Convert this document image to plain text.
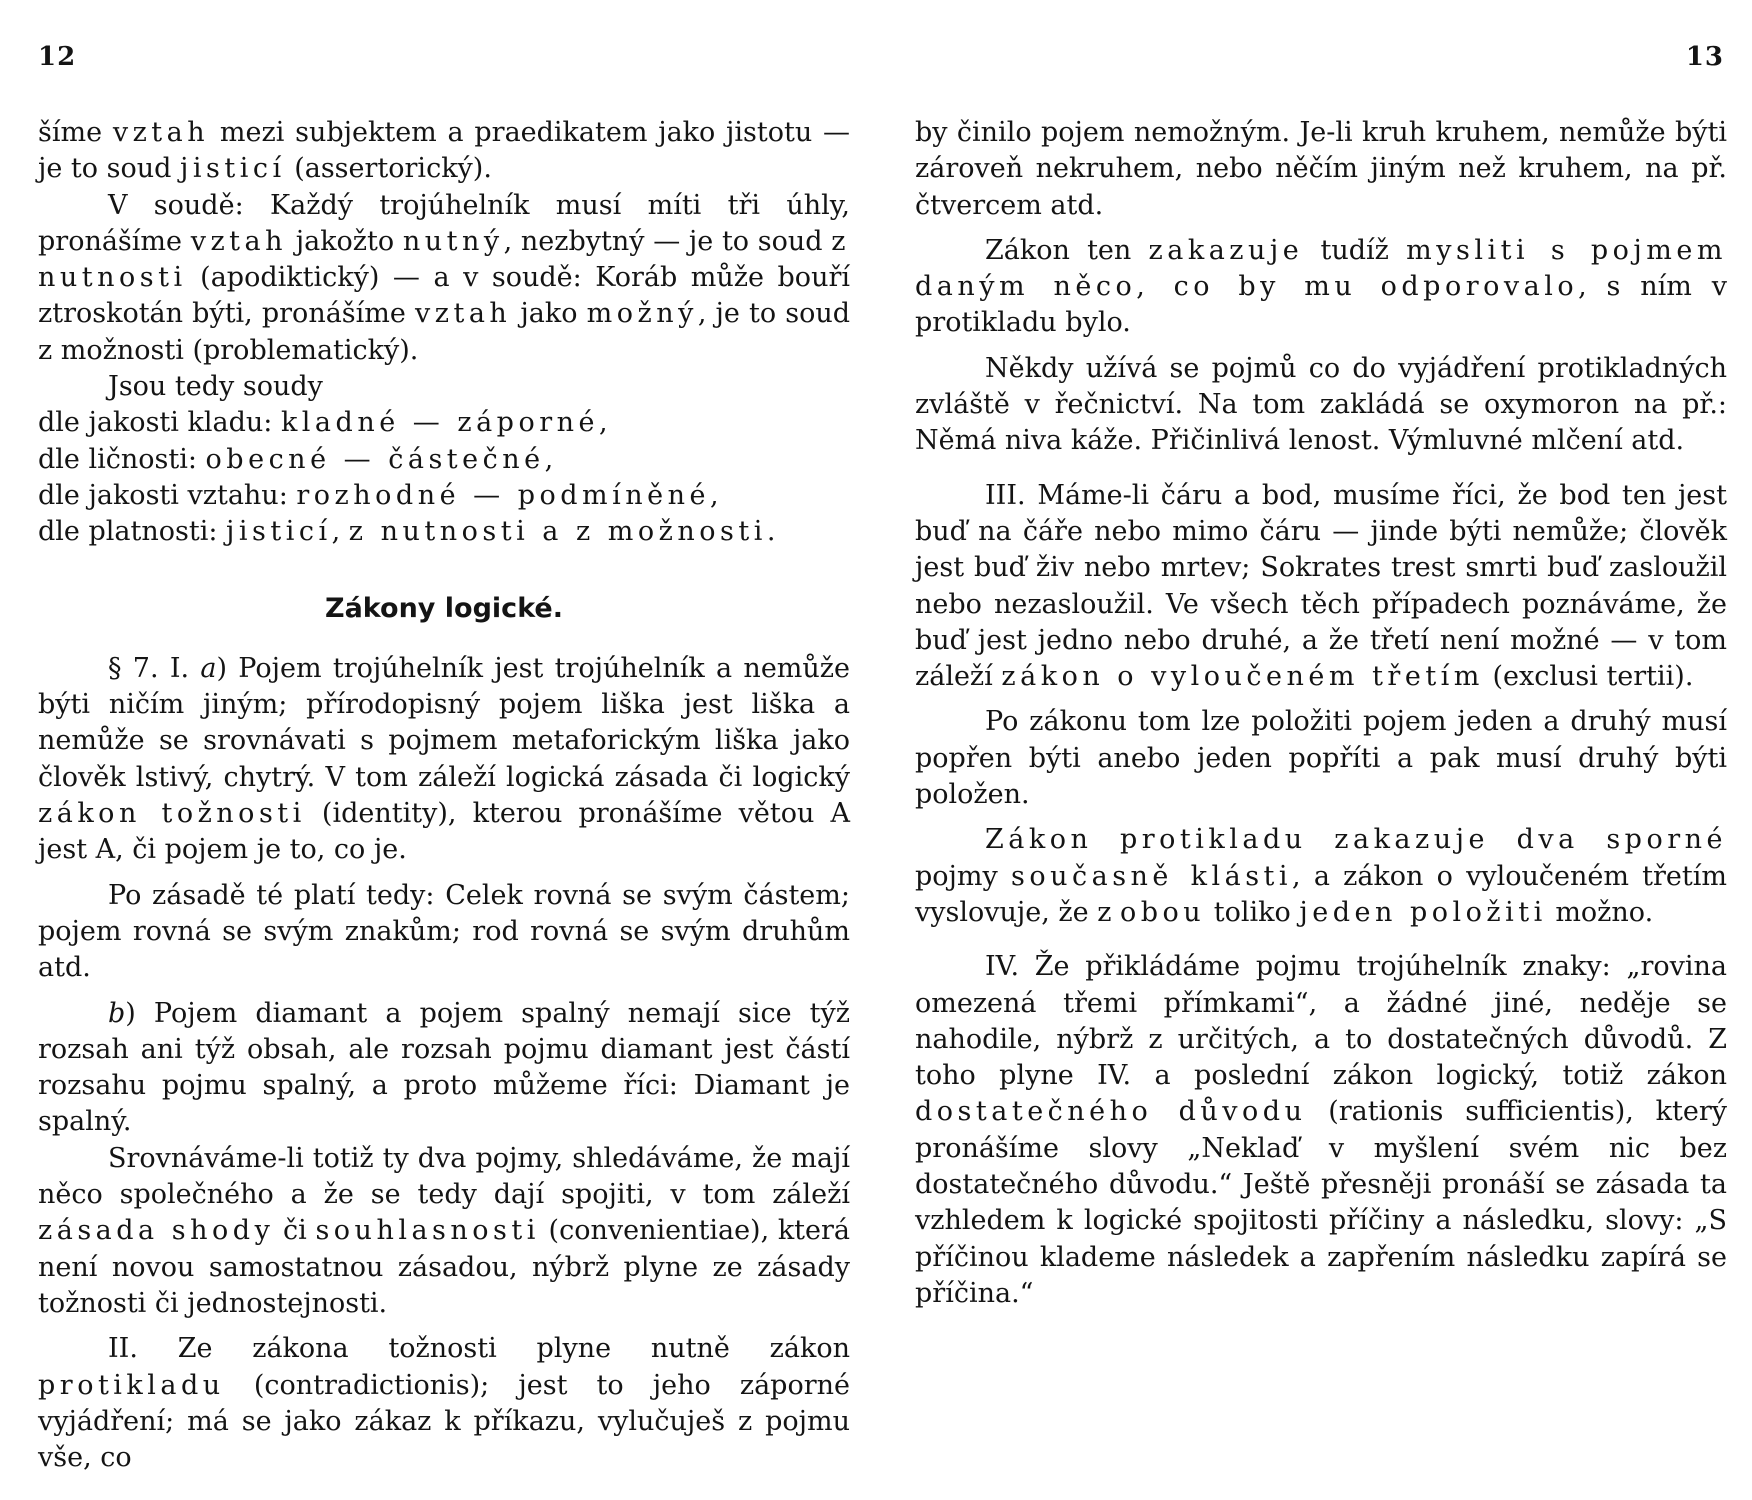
12	13

šíme vztah mezi subjektem a praedikatem jako jistotu — je to soud jisticí (assertorický).

V soudě: Každý trojúhelník musí míti tři úhly, pronášíme vztah jakožto nutný, nezbytný — je to soud z nutnosti (apodiktický) — a v soudě: Koráb může bouří ztroskotán býti, pronášíme vztah jako možný, je to soud z možnosti (problematický).

Jsou tedy soudy

dle jakosti kladu: kladné — záporné,
dle ličnosti: obecné — částečné,
dle jakosti vztahu: rozhodné — podmíněné,
dle platnosti: jisticí, z nutnosti a z možnosti.
Zákony logické.

§ 7. I. a) Pojem trojúhelník jest trojúhelník a nemůže býti ničím jiným; přírodopisný pojem liška jest liška a nemůže se srovnávati s pojmem metaforickým liška jako člověk lstivý, chytrý. V tom záleží logická zásada či logický zákon tožnosti (identity), kterou pronášíme větou A jest A, či pojem je to, co je.

Po zásadě té platí tedy: Celek rovná se svým částem; pojem rovná se svým znakům; rod rovná se svým druhům atd.

b) Pojem diamant a pojem spalný nemají sice týž rozsah ani týž obsah, ale rozsah pojmu diamant jest částí rozsahu pojmu spalný, a proto můžeme říci: Diamant je spalný.

Srovnáváme-li totiž ty dva pojmy, shledáváme, že mají něco společného a že se tedy dají spojiti, v tom záleží zásada shody či souhlasnosti (convenientiae), která není novou samostatnou zásadou, nýbrž plyne ze zásady tožnosti či jednostejnosti.

II. Ze zákona tožnosti plyne nutně zákon protikladu (contradictionis); jest to jeho záporné vyjádření; má se jako zákaz k příkazu, vylučuješ z pojmu vše, co

by činilo pojem nemožným. Je-li kruh kruhem, nemůže býti zároveň nekruhem, nebo něčím jiným než kruhem, na př. čtvercem atd.

Zákon ten zakazuje tudíž mysliti s pojmem daným něco, co by mu odporovalo, s ním v protikladu bylo.

Někdy užívá se pojmů co do vyjádření protikladných zvláště v řečnictví. Na tom zakládá se oxymoron na př.: Němá niva káže. Přičinlivá lenost. Výmluvné mlčení atd.

III. Máme-li čáru a bod, musíme říci, že bod ten jest buď na čáře nebo mimo čáru — jinde býti nemůže; člověk jest buď živ nebo mrtev; Sokrates trest smrti buď zasloužil nebo nezasloužil. Ve všech těch případech poznáváme, že buď jest jedno nebo druhé, a že třetí není možné — v tom záleží zákon o vyloučeném třetím (exclusi tertii).

Po zákonu tom lze položiti pojem jeden a druhý musí popřen býti anebo jeden popříti a pak musí druhý býti položen.

Zákon protikladu zakazuje dva sporné pojmy současně klásti, a zákon o vyloučeném třetím vyslovuje, že z obou toliko jeden položiti možno.

IV. Že přikládáme pojmu trojúhelník znaky: „rovina omezená třemi přímkami“, a žádné jiné, neděje se nahodile, nýbrž z určitých, a to dostatečných důvodů. Z toho plyne IV. a poslední zákon logický, totiž zákon dostatečného důvodu (rationis sufficientis), který pronášíme slovy „Neklaď v myšlení svém nic bez dostatečného důvodu.“ Ještě přesněji pronáší se zásada ta vzhledem k logické spojitosti příčiny a následku, slovy: „S příčinou klademe následek a zapřením následku zapírá se příčina.“
